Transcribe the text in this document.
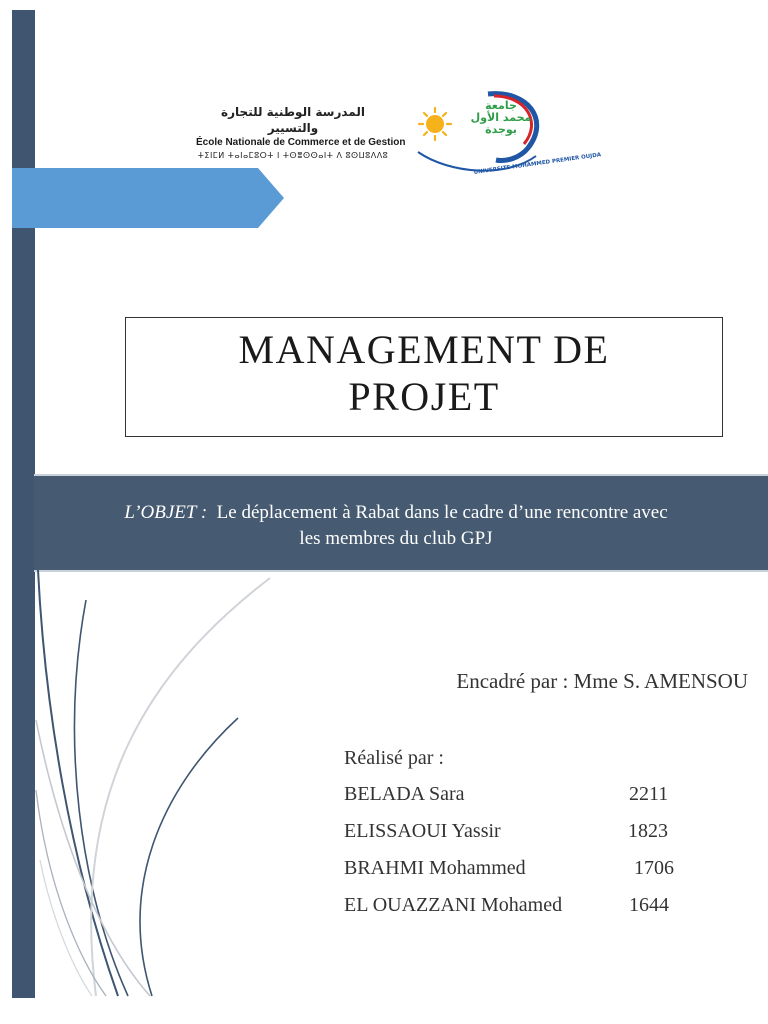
المدرسة الوطنية للتجارة والتسيير
École Nationale de Commerce et de Gestion
ⵜⵉⵏⵎⵍ ⵜⴰⵏⴰⵎⵓⵔⵜ ⵏ ⵜⵙⴻⵙⵙⴰⵏⵜ ⴷ ⵓⵙⵡⵓⴷⴷⵓ	UNIVERSITE MOHAMMED PREMIER OUJDA
جامعة محمد الأول بوجدة
MANAGEMENT DE
PROJET
L’OBJET : Le déplacement à Rabat dans le cadre d’une rencontre avec
les membres du club GPJ
Encadré par : Mme S. AMENSOU
Réalisé par :
BELADA Sara	2211
ELISSAOUI Yassir	1823
BRAHMI Mohammed	1706
EL OUAZZANI Mohamed	1644
